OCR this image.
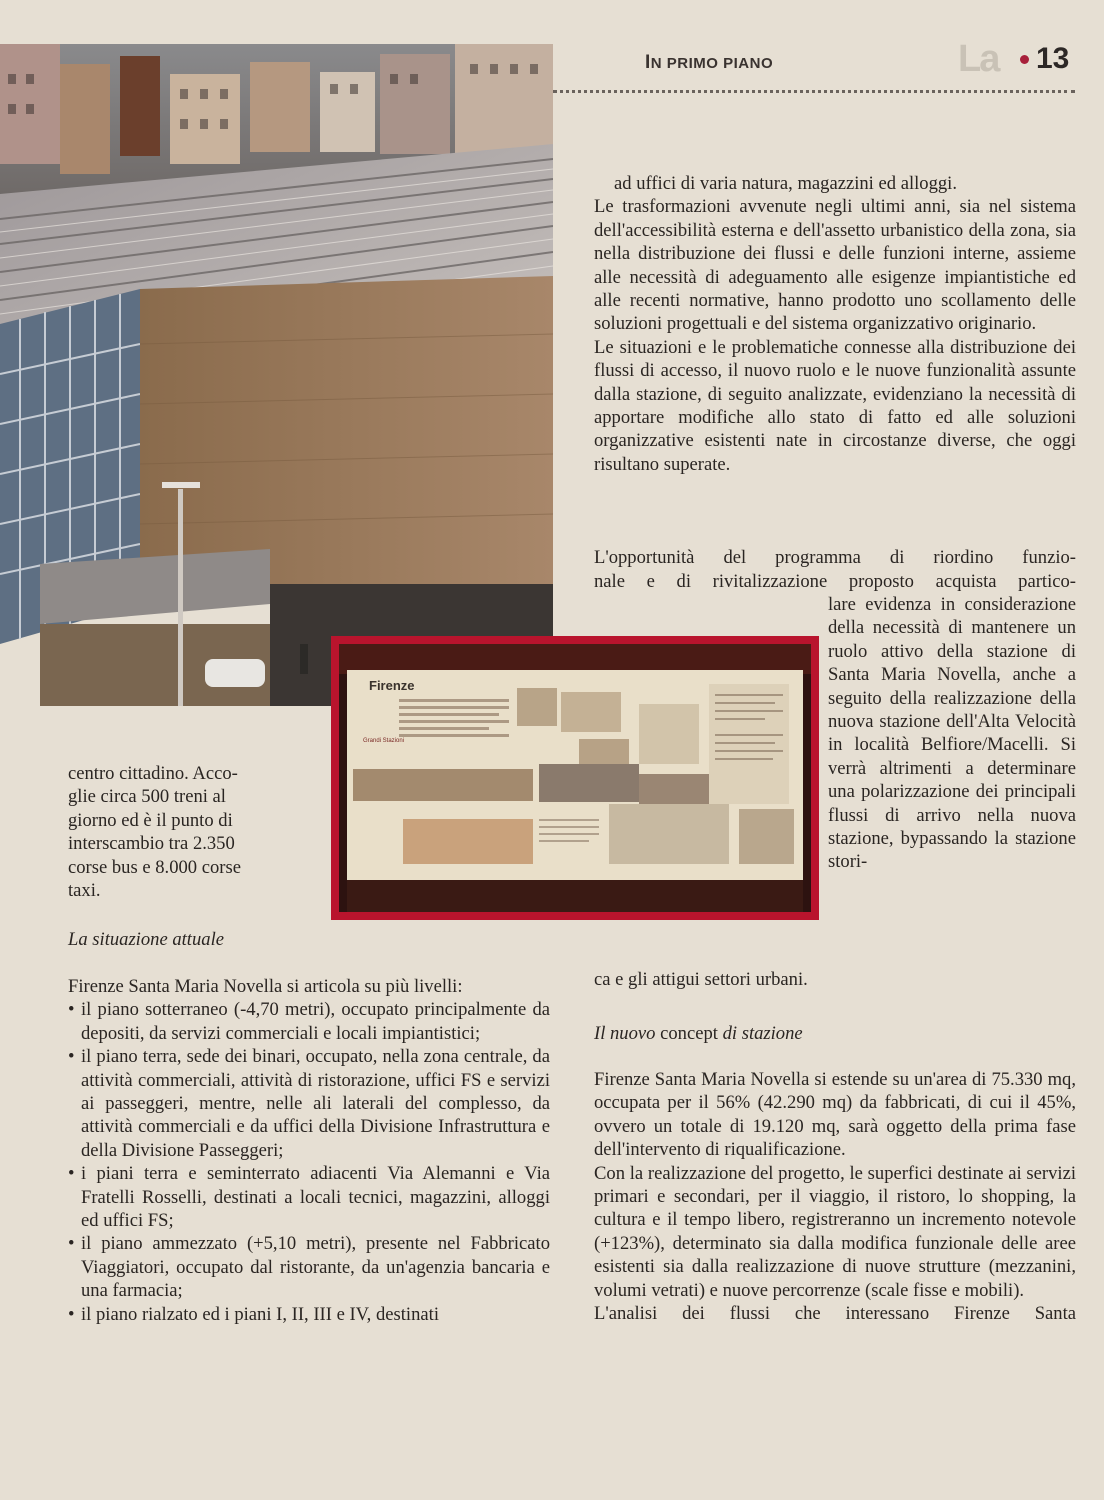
IN PRIMO PIANO	La 13
Firenze
Grandi Stazioni
centro cittadino. Acco-
glie circa 500 treni al
giorno ed è il punto di
interscambio tra 2.350
corse bus e 8.000 corse
taxi.
La situazione attuale

Firenze Santa Maria Novella si articola su più livelli:

• il piano sotterraneo (-4,70 metri), occupato principalmente da depositi, da servizi commerciali e locali impiantistici;
• il piano terra, sede dei binari, occupato, nella zona centrale, da attività commerciali, attività di ristorazione, uffici FS e servizi ai passeggeri, mentre, nelle ali laterali del complesso, da attività commerciali e da uffici della Divisione Infrastruttura e della Divisione Passeggeri;
• i piani terra e seminterrato adiacenti Via Alemanni e Via Fratelli Rosselli, destinati a locali tecnici, magazzini, alloggi ed uffici FS;
• il piano ammezzato (+5,10 metri), presente nel Fabbricato Viaggiatori, occupato dal ristorante, da un'agenzia bancaria e una farmacia;
• il piano rialzato ed i piani I, II, III e IV, destinati

ad uffici di varia natura, magazzini ed alloggi.

Le trasformazioni avvenute negli ultimi anni, sia nel sistema dell'accessibilità esterna e dell'assetto urbanistico della zona, sia nella distribuzione dei flussi e delle funzioni interne, assieme alle necessità di adeguamento alle esigenze impiantistiche ed alle recenti normative, hanno prodotto uno scollamento delle soluzioni progettuali e del sistema organizzativo originario.

Le situazioni e le problematiche connesse alla distribuzione dei flussi di accesso, il nuovo ruolo e le nuove funzionalità assunte dalla stazione, di seguito analizzate, evidenziano la necessità di apportare modifiche allo stato di fatto ed alle soluzioni organizzative esistenti nate in circostanze diverse, che oggi risultano superate.

L'opportunità del programma di riordino funzio-
nale e di rivitalizzazione proposto acquista partico-
lare evidenza in considerazione della necessità di mantenere un ruolo attivo della stazione di Santa Maria Novella, anche a seguito della realizzazione della nuova stazione dell'Alta Velocità in località Belfiore/Macelli. Si verrà altrimenti a determinare una polarizzazione dei principali flussi di arrivo nella nuova stazione, bypassando la stazione stori-
ca e gli attigui settori urbani.
Il nuovo concept di stazione

Firenze Santa Maria Novella si estende su un'area di 75.330 mq, occupata per il 56% (42.290 mq) da fabbricati, di cui il 45%, ovvero un totale di 19.120 mq, sarà oggetto della prima fase dell'intervento di riqualificazione.

Con la realizzazione del progetto, le superfici destinate ai servizi primari e secondari, per il viaggio, il ristoro, lo shopping, la cultura e il tempo libero, registreranno un incremento notevole (+123%), determinato sia dalla modifica funzionale delle aree esistenti sia dalla realizzazione di nuove strutture (mezzanini, volumi vetrati) e nuove percorrenze (scale fisse e mobili).

L'analisi dei flussi che interessano Firenze Santa
